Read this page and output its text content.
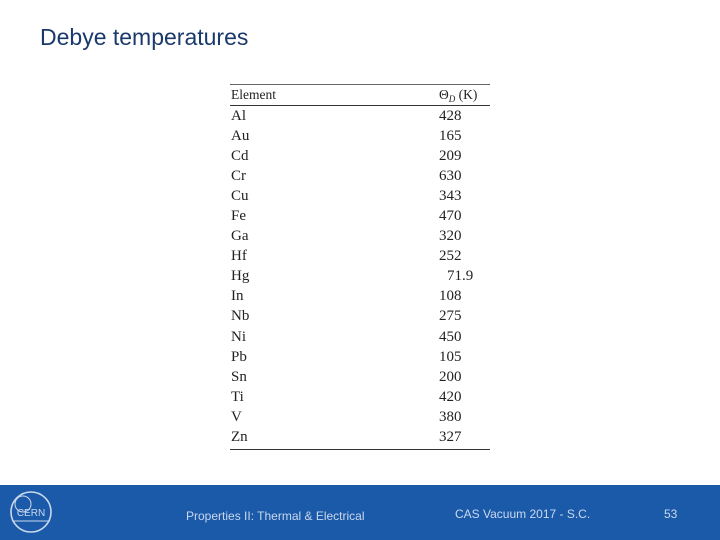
Debye temperatures
Element	$\Theta_D$ (K)
Al	428
Au	165
Cd	209
Cr	630
Cu	343
Fe	470
Ga	320
Hf	252
Hg	71.9
In	108
Nb	275
Ni	450
Pb	105
Sn	200
Ti	420
V	380
Zn	327
CERN	Properties II: Thermal & Electrical	CAS Vacuum 2017 - S.C.	53
